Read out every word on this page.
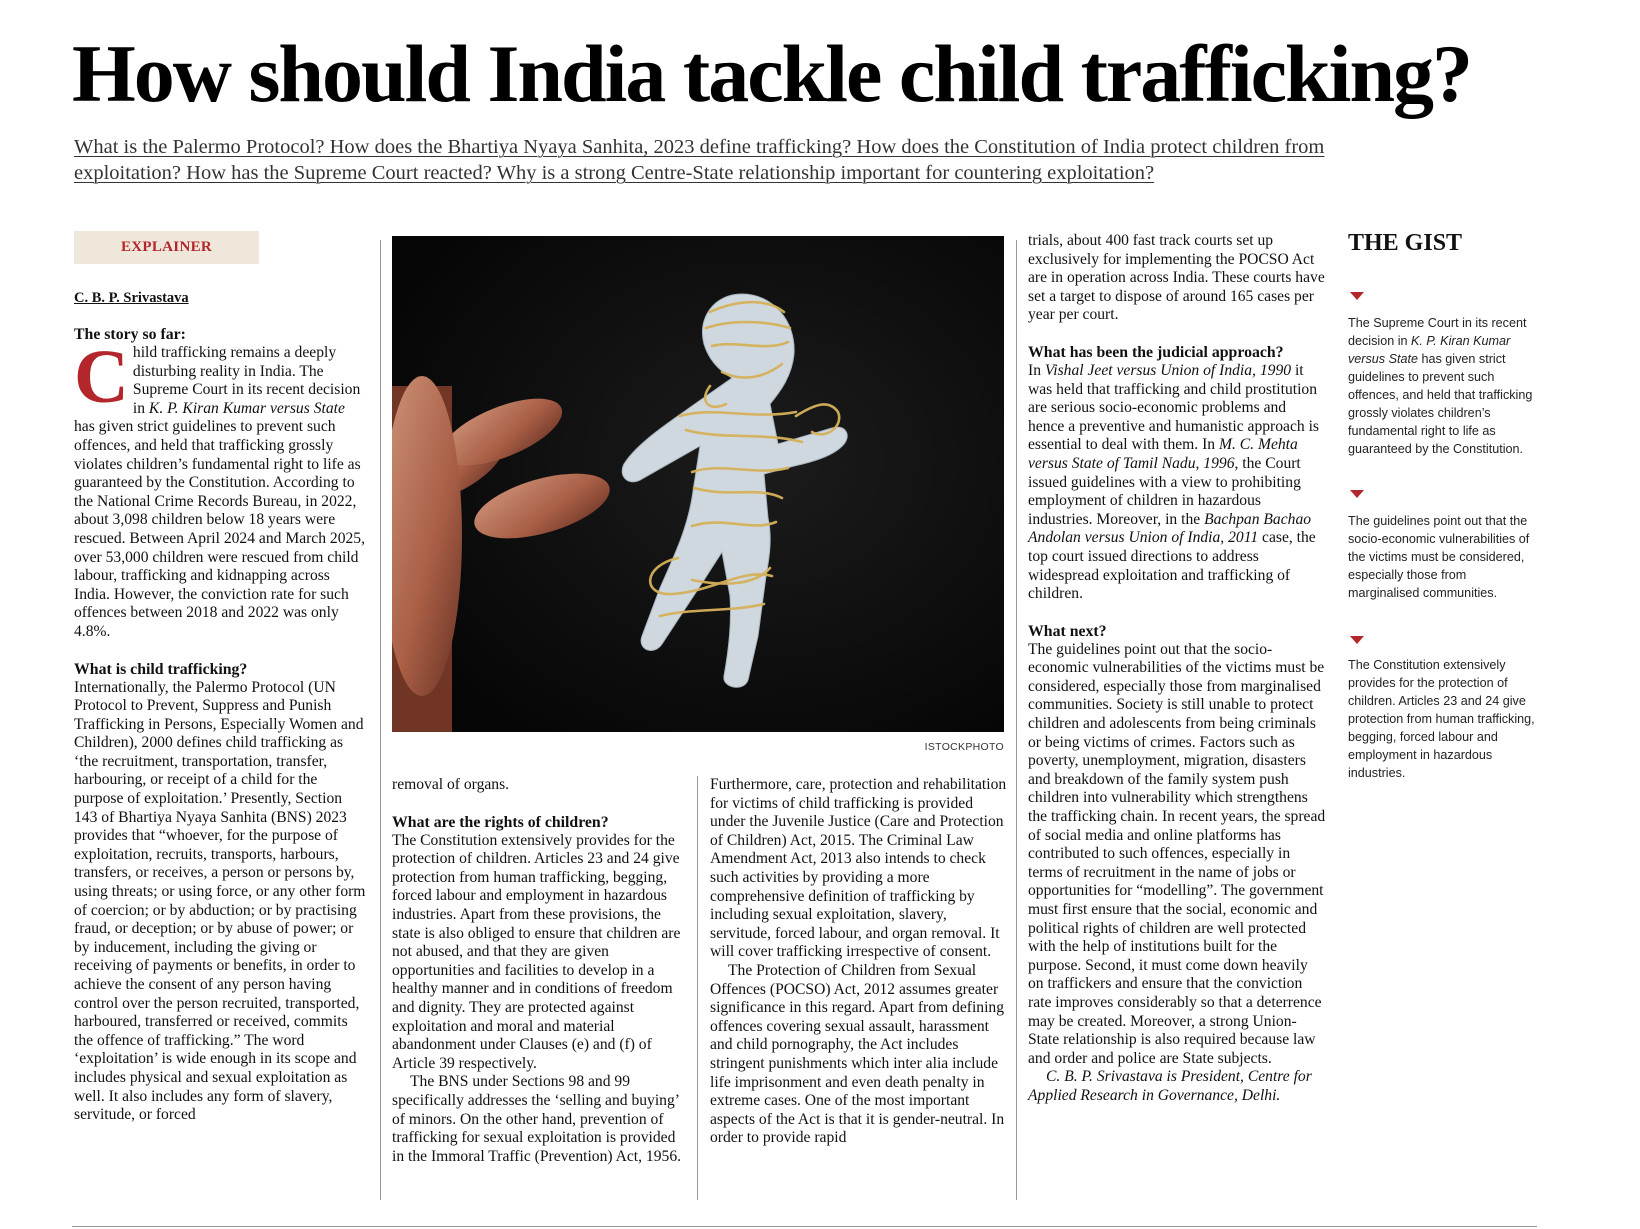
How should India tackle child trafficking?
What is the Palermo Protocol? How does the Bhartiya Nyaya Sanhita, 2023 define trafficking? How does the Constitution of India protect children from
exploitation? How has the Supreme Court reacted? Why is a strong Centre-State relationship important for countering exploitation?
EXPLAINER
C. B. P. Srivastava
The story so far:

Child trafficking remains a deeply disturbing reality in India. The Supreme Court in its recent decision in K. P. Kiran Kumar versus State has given strict guidelines to prevent such offences, and held that trafficking grossly violates children’s fundamental right to life as guaranteed by the Constitution. According to the National Crime Records Bureau, in 2022, about 3,098 children below 18 years were rescued. Between April 2024 and March 2025, over 53,000 children were rescued from child labour, trafficking and kidnapping across India. However, the conviction rate for such offences between 2018 and 2022 was only 4.8%.

What is child trafficking?

Internationally, the Palermo Protocol (UN Protocol to Prevent, Suppress and Punish Trafficking in Persons, Especially Women and Children), 2000 defines child trafficking as ‘the recruitment, transportation, transfer, harbouring, or receipt of a child for the purpose of exploitation.’ Presently, Section 143 of Bhartiya Nyaya Sanhita (BNS) 2023 provides that “whoever, for the purpose of exploitation, recruits, transports, harbours, transfers, or receives, a person or persons by, using threats; or using force, or any other form of coercion; or by abduction; or by practising fraud, or deception; or by abuse of power; or by inducement, including the giving or receiving of payments or benefits, in order to achieve the consent of any person having control over the person recruited, transported, harboured, transferred or received, commits the offence of trafficking.” The word ‘exploitation’ is wide enough in its scope and includes physical and sexual exploitation as well. It also includes any form of slavery, servitude, or forced

ISTOCKPHOTO

removal of organs.

What are the rights of children?

The Constitution extensively provides for the protection of children. Articles 23 and 24 give protection from human trafficking, begging, forced labour and employment in hazardous industries. Apart from these provisions, the state is also obliged to ensure that children are not abused, and that they are given opportunities and facilities to develop in a healthy manner and in conditions of freedom and dignity. They are protected against exploitation and moral and material abandonment under Clauses (e) and (f) of Article 39 respectively.

The BNS under Sections 98 and 99 specifically addresses the ‘selling and buying’ of minors. On the other hand, prevention of trafficking for sexual exploitation is provided in the Immoral Traffic (Prevention) Act, 1956.

Furthermore, care, protection and rehabilitation for victims of child trafficking is provided under the Juvenile Justice (Care and Protection of Children) Act, 2015. The Criminal Law Amendment Act, 2013 also intends to check such activities by providing a more comprehensive definition of trafficking by including sexual exploitation, slavery, servitude, forced labour, and organ removal. It will cover trafficking irrespective of consent.

The Protection of Children from Sexual Offences (POCSO) Act, 2012 assumes greater significance in this regard. Apart from defining offences covering sexual assault, harassment and child pornography, the Act includes stringent punishments which inter alia include life imprisonment and even death penalty in extreme cases. One of the most important aspects of the Act is that it is gender-neutral. In order to provide rapid

trials, about 400 fast track courts set up exclusively for implementing the POCSO Act are in operation across India. These courts have set a target to dispose of around 165 cases per year per court.

What has been the judicial approach?

In Vishal Jeet versus Union of India, 1990 it was held that trafficking and child prostitution are serious socio-economic problems and hence a preventive and humanistic approach is essential to deal with them. In M. C. Mehta versus State of Tamil Nadu, 1996, the Court issued guidelines with a view to prohibiting employment of children in hazardous industries. Moreover, in the Bachpan Bachao Andolan versus Union of India, 2011 case, the top court issued directions to address widespread exploitation and trafficking of children.

What next?

The guidelines point out that the socio-economic vulnerabilities of the victims must be considered, especially those from marginalised communities. Society is still unable to protect children and adolescents from being criminals or being victims of crimes. Factors such as poverty, unemployment, migration, disasters and breakdown of the family system push children into vulnerability which strengthens the trafficking chain. In recent years, the spread of social media and online platforms has contributed to such offences, especially in terms of recruitment in the name of jobs or opportunities for “modelling”. The government must first ensure that the social, economic and political rights of children are well protected with the help of institutions built for the purpose. Second, it must come down heavily on traffickers and ensure that the conviction rate improves considerably so that a deterrence may be created. Moreover, a strong Union-State relationship is also required because law and order and police are State subjects.

C. B. P. Srivastava is President, Centre for Applied Research in Governance, Delhi.

THE GIST
The Supreme Court in its recent decision in K. P. Kiran Kumar versus State has given strict guidelines to prevent such offences, and held that trafficking grossly violates children’s fundamental right to life as guaranteed by the Constitution.
The guidelines point out that the socio-economic vulnerabilities of the victims must be considered, especially those from marginalised communities.
The Constitution extensively provides for the protection of children. Articles 23 and 24 give protection from human trafficking, begging, forced labour and employment in hazardous industries.
